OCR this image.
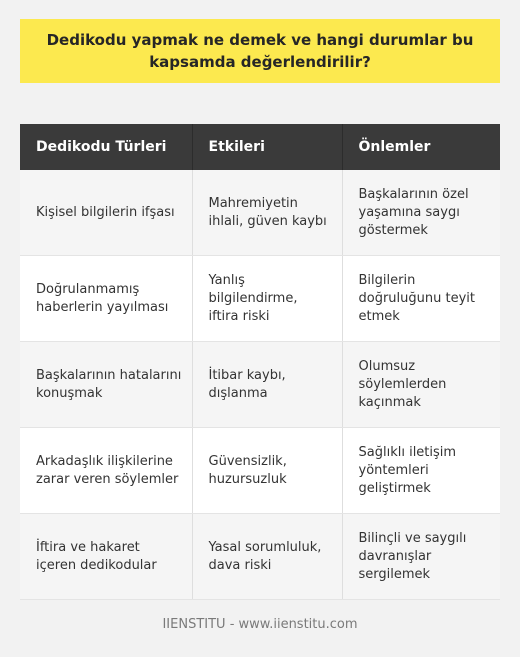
Dedikodu yapmak ne demek ve hangi durumlar bu kapsamda değerlendirilir?
Dedikodu Türleri	Etkileri	Önlemler
Kişisel bilgilerin ifşası	Mahremiyetin ihlali, güven kaybı	Başkalarının özel yaşamına saygı göstermek
Doğrulanmamış haberlerin yayılması	Yanlış bilgilendirme, iftira riski	Bilgilerin doğruluğunu teyit etmek
Başkalarının hatalarını konuşmak	İtibar kaybı, dışlanma	Olumsuz söylemlerden kaçınmak
Arkadaşlık ilişkilerine zarar veren söylemler	Güvensizlik, huzursuzluk	Sağlıklı iletişim yöntemleri geliştirmek
İftira ve hakaret içeren dedikodular	Yasal sorumluluk, dava riski	Bilinçli ve saygılı davranışlar sergilemek
IIENSTITU - www.iienstitu.com
